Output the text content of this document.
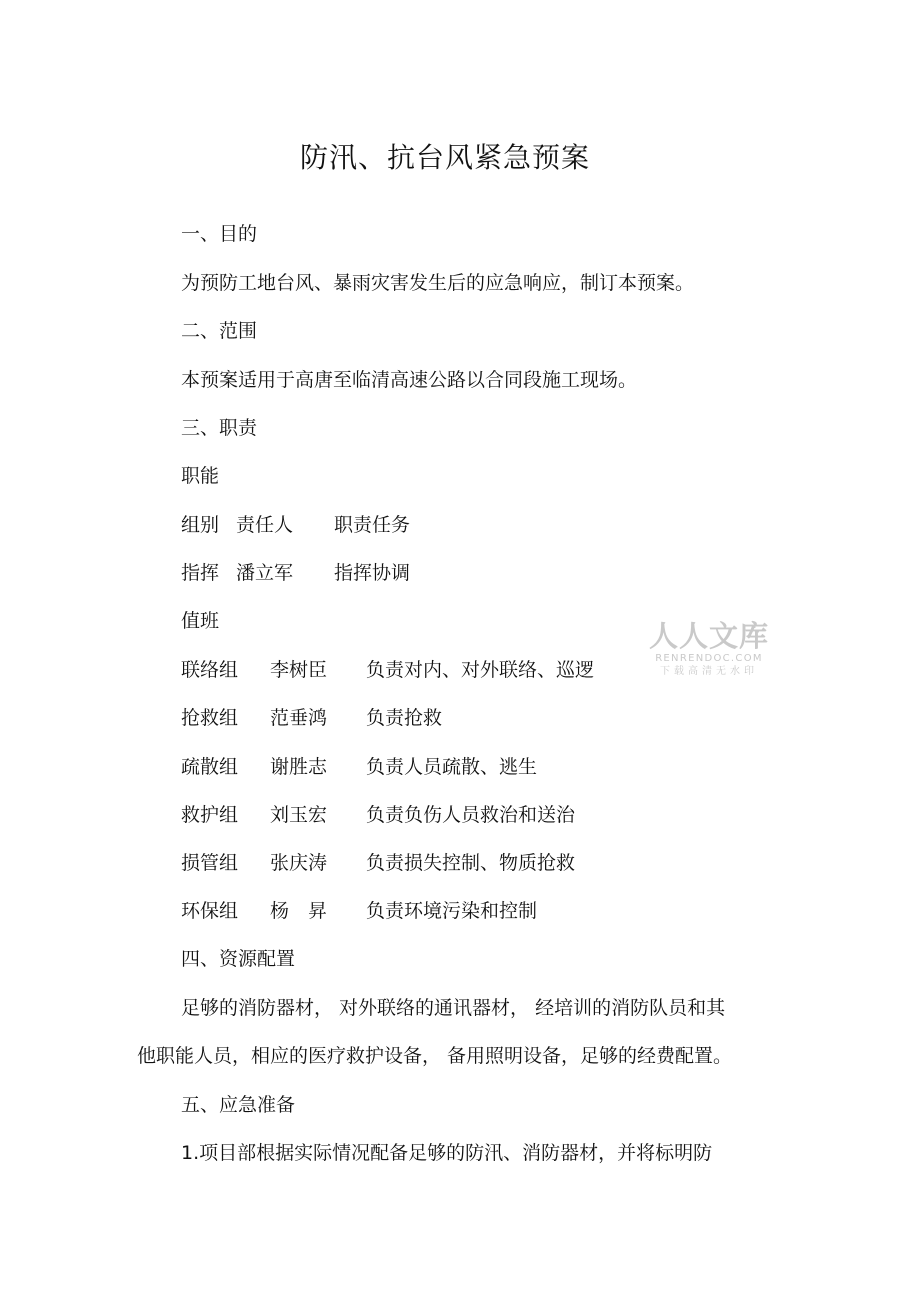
防汛、抗台风紧急预案
一、目的
为预防工地台风、暴雨灾害发生后的应急响应，制订本预案。
二、范围
本预案适用于高唐至临清高速公路以合同段施工现场。
三、职责
职能
组别 责任人 职责任务
指挥 潘立军 指挥协调
值班
联络组 李树臣 负责对内、对外联络、巡逻
抢救组 范垂鸿 负责抢救
疏散组 谢胜志 负责人员疏散、逃生
救护组 刘玉宏 负责负伤人员救治和送治
损管组 张庆涛 负责损失控制、物质抢救
环保组 杨　昇 负责环境污染和控制
四、资源配置
足够的消防器材， 对外联络的通讯器材， 经培训的消防队员和其
他职能人员，相应的医疗救护设备， 备用照明设备，足够的经费配置。
五、应急准备
1.项目部根据实际情况配备足够的防汛、消防器材，并将标明防
人人文库
RENRENDOC.COM
下载高清无水印
